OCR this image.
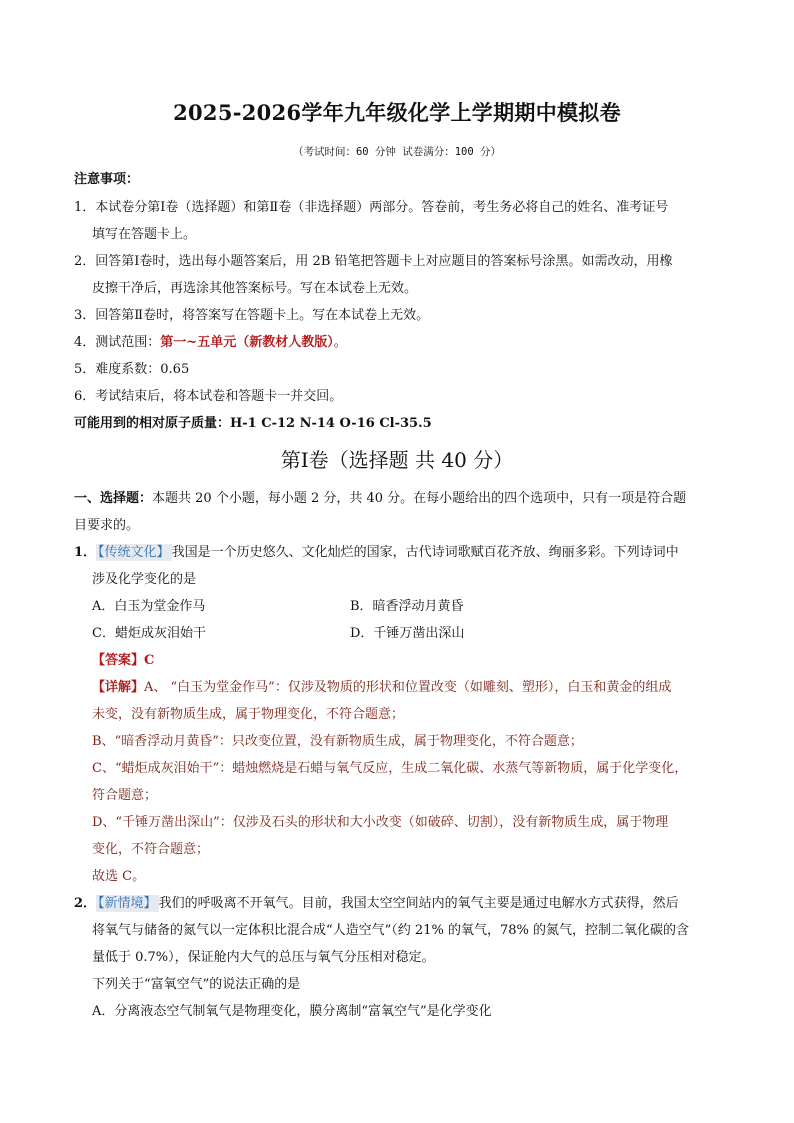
2025-2026学年九年级化学上学期期中模拟卷
（考试时间：60 分钟 试卷满分：100 分）
注意事项：
1．本试卷分第Ⅰ卷（选择题）和第Ⅱ卷（非选择题）两部分。答卷前，考生务必将自己的姓名、准考证号
填写在答题卡上。
2．回答第Ⅰ卷时，选出每小题答案后，用 2B 铅笔把答题卡上对应题目的答案标号涂黑。如需改动，用橡
皮擦干净后，再选涂其他答案标号。写在本试卷上无效。
3．回答第Ⅱ卷时，将答案写在答题卡上。写在本试卷上无效。
4．测试范围：第一~五单元（新教材人教版）。
5．难度系数：0.65
6．考试结束后，将本试卷和答题卡一并交回。
可能用到的相对原子质量：H-1 C-12 N-14 O-16 Cl-35.5
第Ⅰ卷（选择题 共 40 分）
一、选择题：本题共 20 个小题，每小题 2 分，共 40 分。在每小题给出的四个选项中，只有一项是符合题
目要求的。
1． 【传统文化】 我国是一个历史悠久、文化灿烂的国家，古代诗词歌赋百花齐放、绚丽多彩。下列诗词中
涉及化学变化的是
A．白玉为堂金作马	B．暗香浮动月黄昏
C．蜡炬成灰泪始干	D．千锤万凿出深山
【答案】C
【详解】A、 “白玉为堂金作马”：仅涉及物质的形状和位置改变（如雕刻、塑形），白玉和黄金的组成
未变，没有新物质生成，属于物理变化，不符合题意；
B、“暗香浮动月黄昏”：只改变位置，没有新物质生成，属于物理变化，不符合题意；
C、“蜡炬成灰泪始干”：蜡烛燃烧是石蜡与氧气反应，生成二氧化碳、水蒸气等新物质，属于化学变化，
符合题意；
D、“千锤万凿出深山”：仅涉及石头的形状和大小改变（如破碎、切割），没有新物质生成，属于物理
变化，不符合题意；
故选 C。
2． 【新情境】 我们的呼吸离不开氧气。目前，我国太空空间站内的氧气主要是通过电解水方式获得，然后
将氧气与储备的氮气以一定体积比混合成“人造空气”（约 21% 的氧气，78% 的氮气，控制二氧化碳的含
量低于 0.7%），保证舱内大气的总压与氧气分压相对稳定。
下列关于“富氧空气”的说法正确的是
A．分离液态空气制氧气是物理变化，膜分离制“富氧空气”是化学变化
